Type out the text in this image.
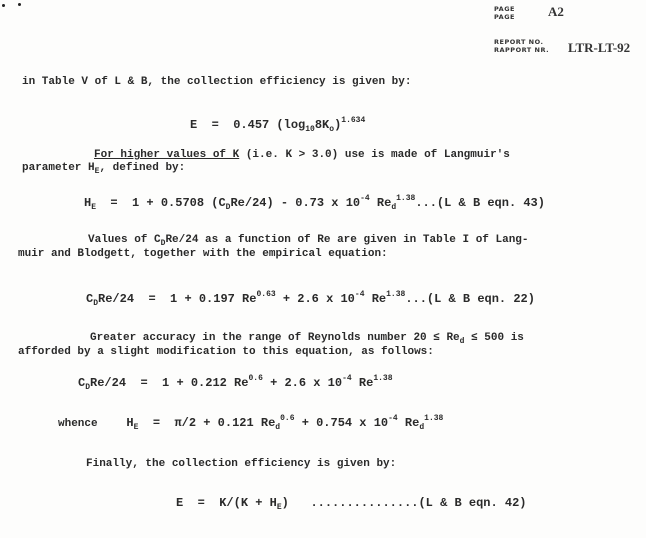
PAGE
PAGE	A2
REPORT NO.
RAPPORT NR. LTR-LT-92
in Table V of L & B, the collection efficiency is given by:
E = 0.457 $(\log_{10}8K_o)^{1.634}$
For higher values of K (i.e. K > 3.0) use is made of Langmuir's
parameter $H_E$, defined by:
$H_E = 1 + 0.5708$ $(C_DRe/24) - 0.73$ x $10^{-4}$ $Re_d^{1.38}...(L$ & B eqn. 43)
Values of $C_DRe/24$ as a function of Re are given in Table I of Lang-
muir and Blodgett, together with the empirical equation:
$C_DRe/24 = 1 + 0.197$ $Re^{0.63} + 2.6$ x $10^{-4}$ $Re^{1.38}...(L$ & B eqn. 22)
Greater accuracy in the range of Reynolds number $20 \le Re_d \le 500$ is
afforded by a slight modification to this equation, as follows:
$C_DRe/24 = 1 + 0.212$ $Re^{0.6} + 2.6$ x $10^{-4}$ $Re^{1.38}$
whence $H_E = \pi/2 + 0.121$ $Re_d^{0.6} + 0.754$ x $10^{-4}$ $Re_d^{1.38}$
Finally, the collection efficiency is given by:
$E = K/(K + H_E)$ ...............(L & B eqn. 42)
